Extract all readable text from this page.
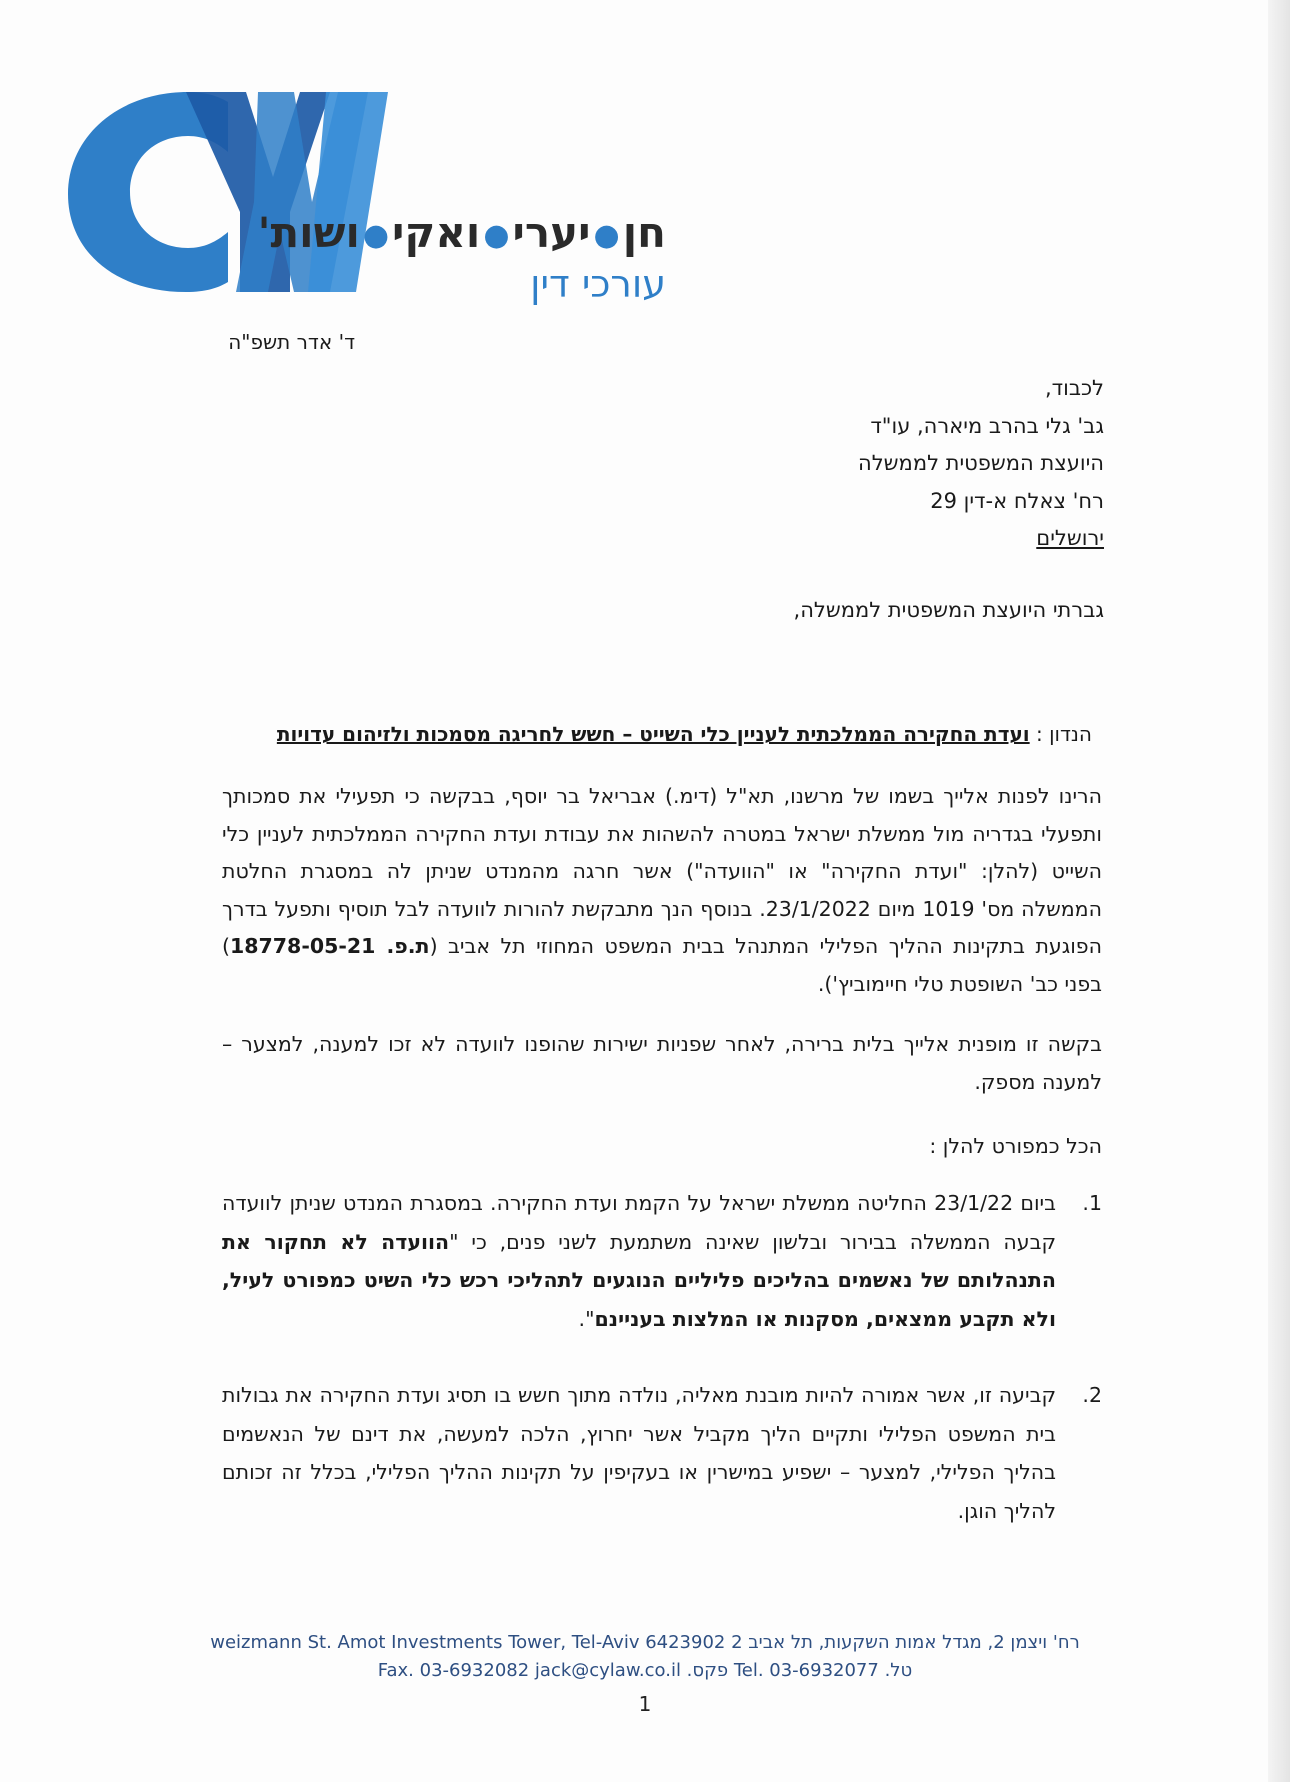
חן●יערי●ואקי●ושות'
עורכי דין
ד' אדר תשפ"ה
לכבוד,
גב' גלי בהרב מיארה, עו"ד
היועצת המשפטית לממשלה
רח' צאלח א-דין 29
ירושלים
גברתי היועצת המשפטית לממשלה,
הנדון : ועדת החקירה הממלכתית לעניין כלי השייט – חשש לחריגה מסמכות ולזיהום עדויות
הרינו לפנות אלייך בשמו של מרשנו, תא"ל (דימ.) אבריאל בר יוסף, בבקשה כי תפעילי את סמכותך ותפעלי בגדריה מול ממשלת ישראל במטרה להשהות את עבודת ועדת החקירה הממלכתית לעניין כלי השייט (להלן: "ועדת החקירה" או "הוועדה") אשר חרגה מהמנדט שניתן לה במסגרת החלטת הממשלה מס' 1019 מיום 23/1/2022. בנוסף הנך מתבקשת להורות לוועדה לבל תוסיף ותפעל בדרך הפוגעת בתקינות ההליך הפלילי המתנהל בבית המשפט המחוזי תל אביב (ת.פ. 18778-05-21) בפני כב' השופטת טלי חיימוביץ').
בקשה זו מופנית אלייך בלית ברירה, לאחר שפניות ישירות שהופנו לוועדה לא זכו למענה, למצער – למענה מספק.
הכל כמפורט להלן :
1.
ביום 23/1/22 החליטה ממשלת ישראל על הקמת ועדת החקירה. במסגרת המנדט שניתן לוועדה קבעה הממשלה בבירור ובלשון שאינה משתמעת לשני פנים, כי "הוועדה לא תחקור את התנהלותם של נאשמים בהליכים פליליים הנוגעים לתהליכי רכש כלי השיט כמפורט לעיל, ולא תקבע ממצאים, מסקנות או המלצות בעניינם".
2.
קביעה זו, אשר אמורה להיות מובנת מאליה, נולדה מתוך חשש בו תסיג ועדת החקירה את גבולות בית המשפט הפלילי ותקיים הליך מקביל אשר יחרוץ, הלכה למעשה, את דינם של הנאשמים בהליך הפלילי, למצער – ישפיע במישרין או בעקיפין על תקינות ההליך הפלילי, בכלל זה זכותם להליך הוגן.
רח' ויצמן 2, מגדל אמות השקעות, תל אביב 2 weizmann St. Amot Investments Tower, Tel-Aviv 6423902
טל. Tel. 03-6932077 פקס. Fax. 03-6932082 jack@cylaw.co.il
1
